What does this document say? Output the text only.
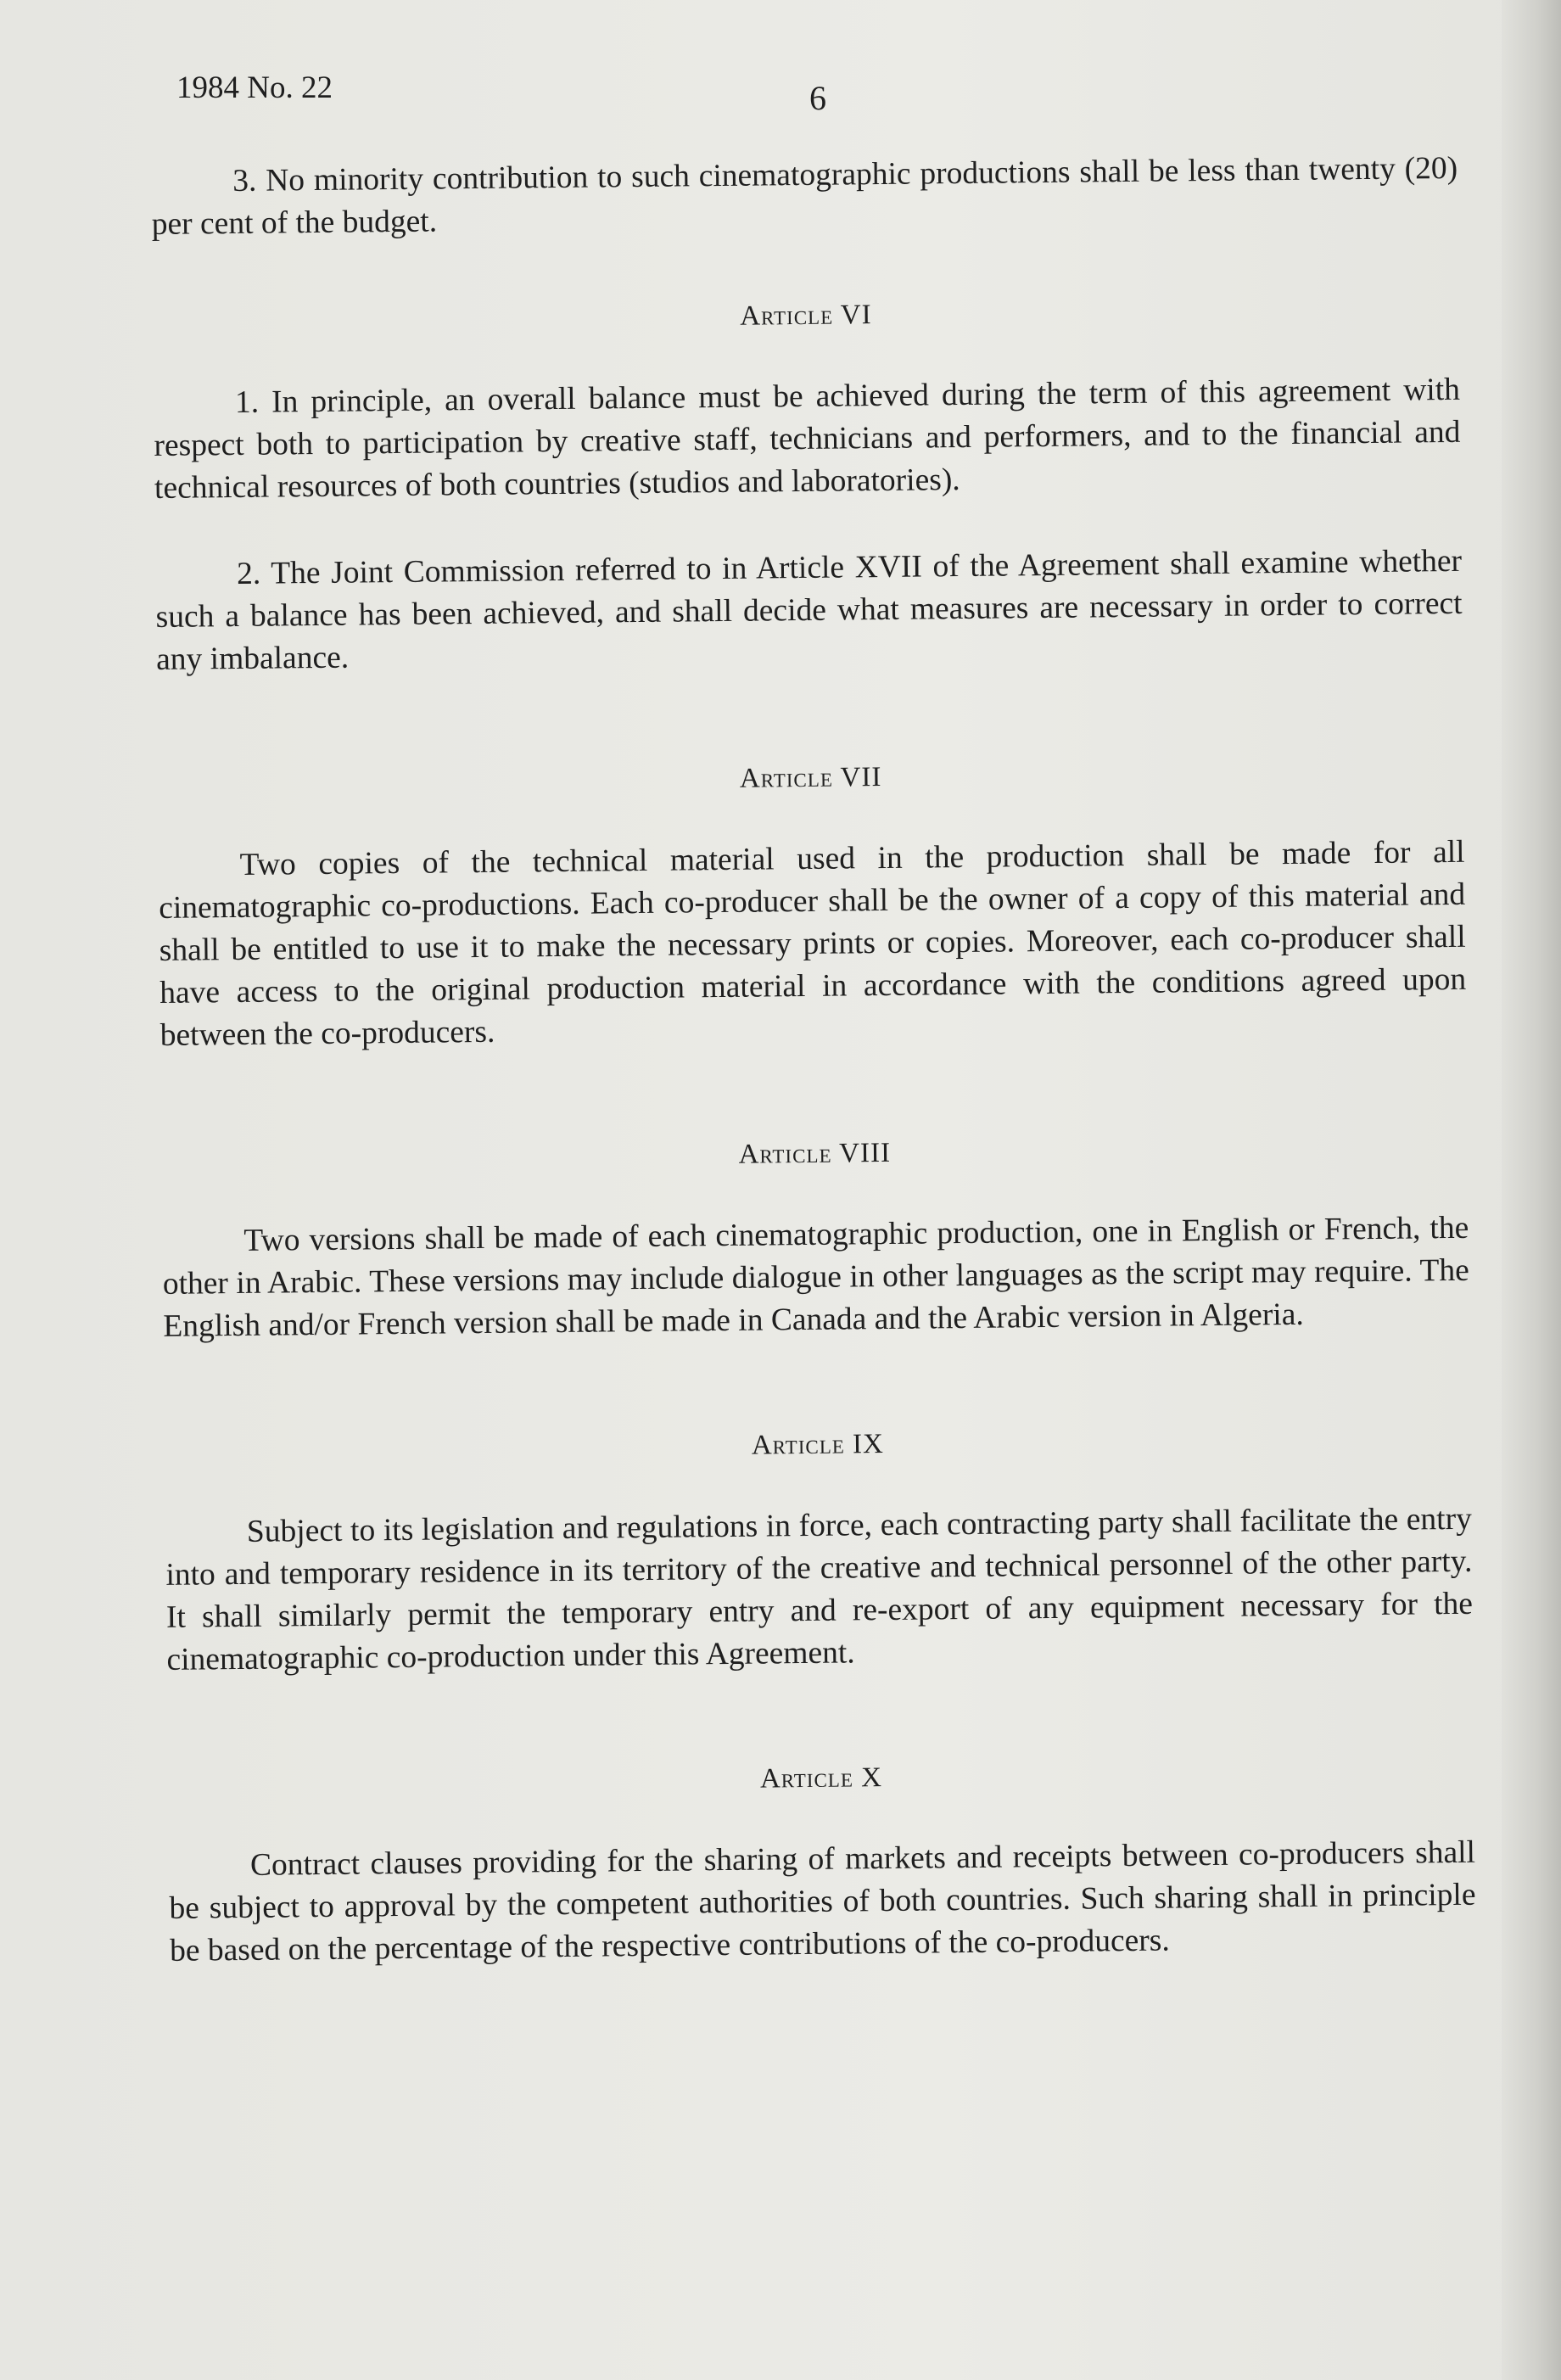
1984 No. 22	6

3. No minority contribution to such cinematographic productions shall be less than twenty (20) per cent of the budget.

Article VI

1. In principle, an overall balance must be achieved during the term of this agreement with respect both to participation by creative staff, technicians and performers, and to the financial and technical resources of both countries (studios and laboratories).

2. The Joint Commission referred to in Article XVII of the Agreement shall examine whether such a balance has been achieved, and shall decide what measures are necessary in order to correct any imbalance.

Article VII

Two copies of the technical material used in the production shall be made for all cinematographic co-productions. Each co-producer shall be the owner of a copy of this material and shall be entitled to use it to make the necessary prints or copies. Moreover, each co-producer shall have access to the original production material in accordance with the conditions agreed upon between the co-producers.

Article VIII

Two versions shall be made of each cinematographic production, one in English or French, the other in Arabic. These versions may include dialogue in other languages as the script may require. The English and/or French version shall be made in Canada and the Arabic version in Algeria.

Article IX

Subject to its legislation and regulations in force, each contracting party shall facilitate the entry into and temporary residence in its territory of the creative and technical personnel of the other party. It shall similarly permit the temporary entry and re-export of any equipment necessary for the cinematographic co-production under this Agreement.

Article X

Contract clauses providing for the sharing of markets and receipts between co-producers shall be subject to approval by the competent authorities of both countries. Such sharing shall in principle be based on the percentage of the respective contributions of the co-producers.
